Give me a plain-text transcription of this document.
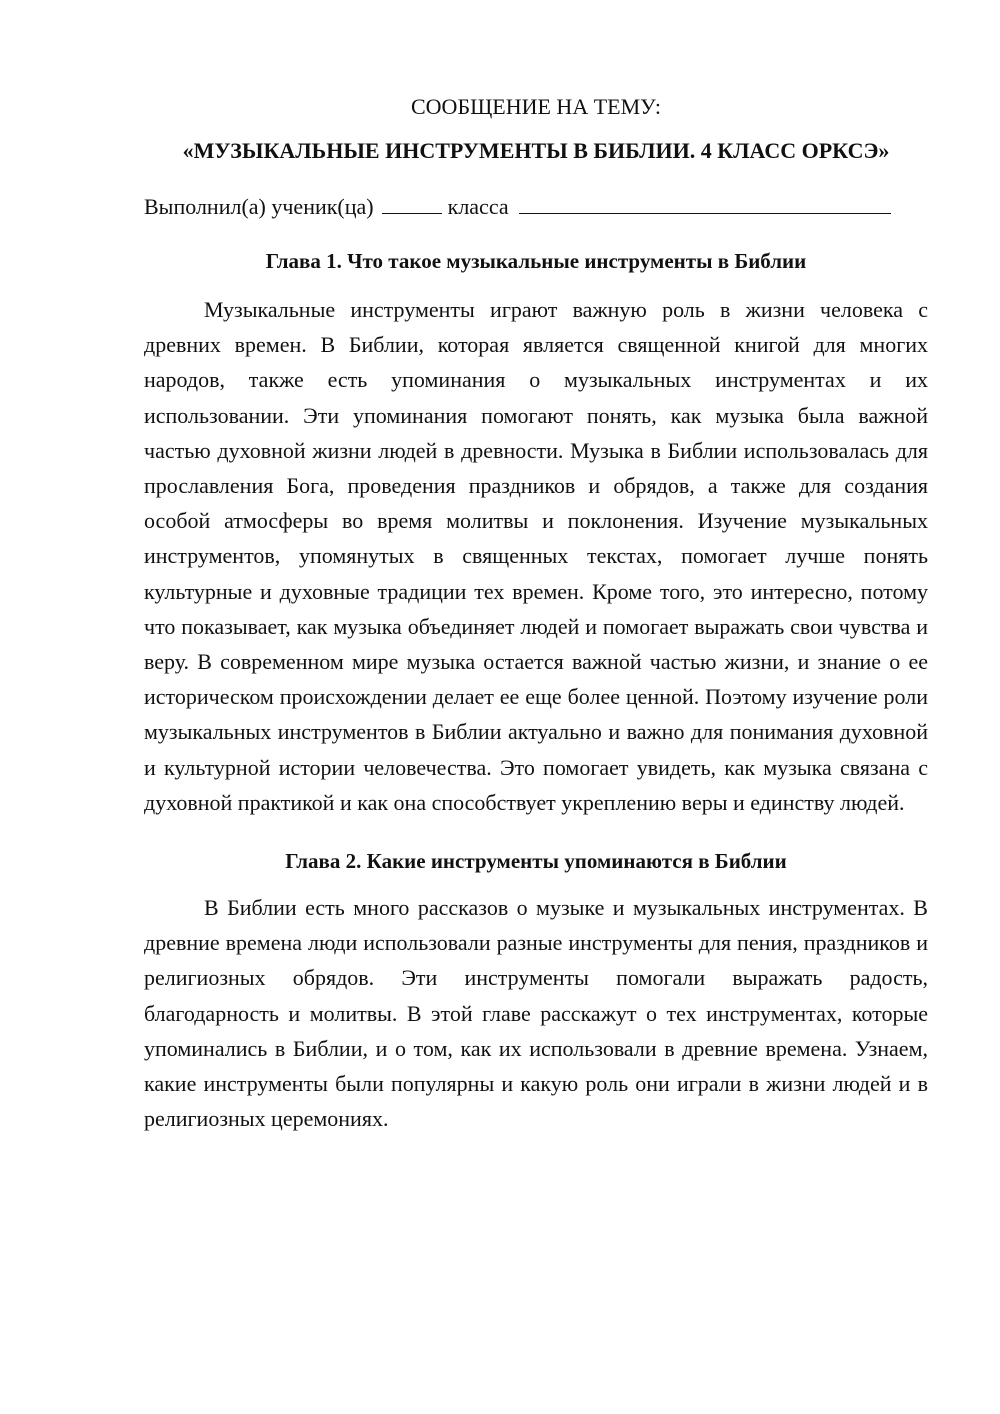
СООБЩЕНИЕ НА ТЕМУ:

«МУЗЫКАЛЬНЫЕ ИНСТРУМЕНТЫ В БИБЛИИ. 4 КЛАСС ОРКСЭ»

Выполнил(а) ученик(ца)	класса
Глава 1. Что такое музыкальные инструменты в Библии

Музыкальные инструменты играют важную роль в жизни человека с древних времен. В Библии, которая является священной книгой для многих народов, также есть упоминания о музыкальных инструментах и их использовании. Эти упоминания помогают понять, как музыка была важной частью духовной жизни людей в древности. Музыка в Библии использовалась для прославления Бога, проведения праздников и обрядов, а также для создания особой атмосферы во время молитвы и поклонения. Изучение музыкальных инструментов, упомянутых в священных текстах, помогает лучше понять культурные и духовные традиции тех времен. Кроме того, это интересно, потому что показывает, как музыка объединяет людей и помогает выражать свои чувства и веру. В современном мире музыка остается важной частью жизни, и знание о ее историческом происхождении делает ее еще более ценной. Поэтому изучение роли музыкальных инструментов в Библии актуально и важно для понимания духовной и культурной истории человечества. Это помогает увидеть, как музыка связана с духовной практикой и как она способствует укреплению веры и единству людей.

Глава 2. Какие инструменты упоминаются в Библии

В Библии есть много рассказов о музыке и музыкальных инструментах. В древние времена люди использовали разные инструменты для пения, праздников и религиозных обрядов. Эти инструменты помогали выражать радость, благодарность и молитвы. В этой главе расскажут о тех инструментах, которые упоминались в Библии, и о том, как их использовали в древние времена. Узнаем, какие инструменты были популярны и какую роль они играли в жизни людей и в религиозных церемониях.
